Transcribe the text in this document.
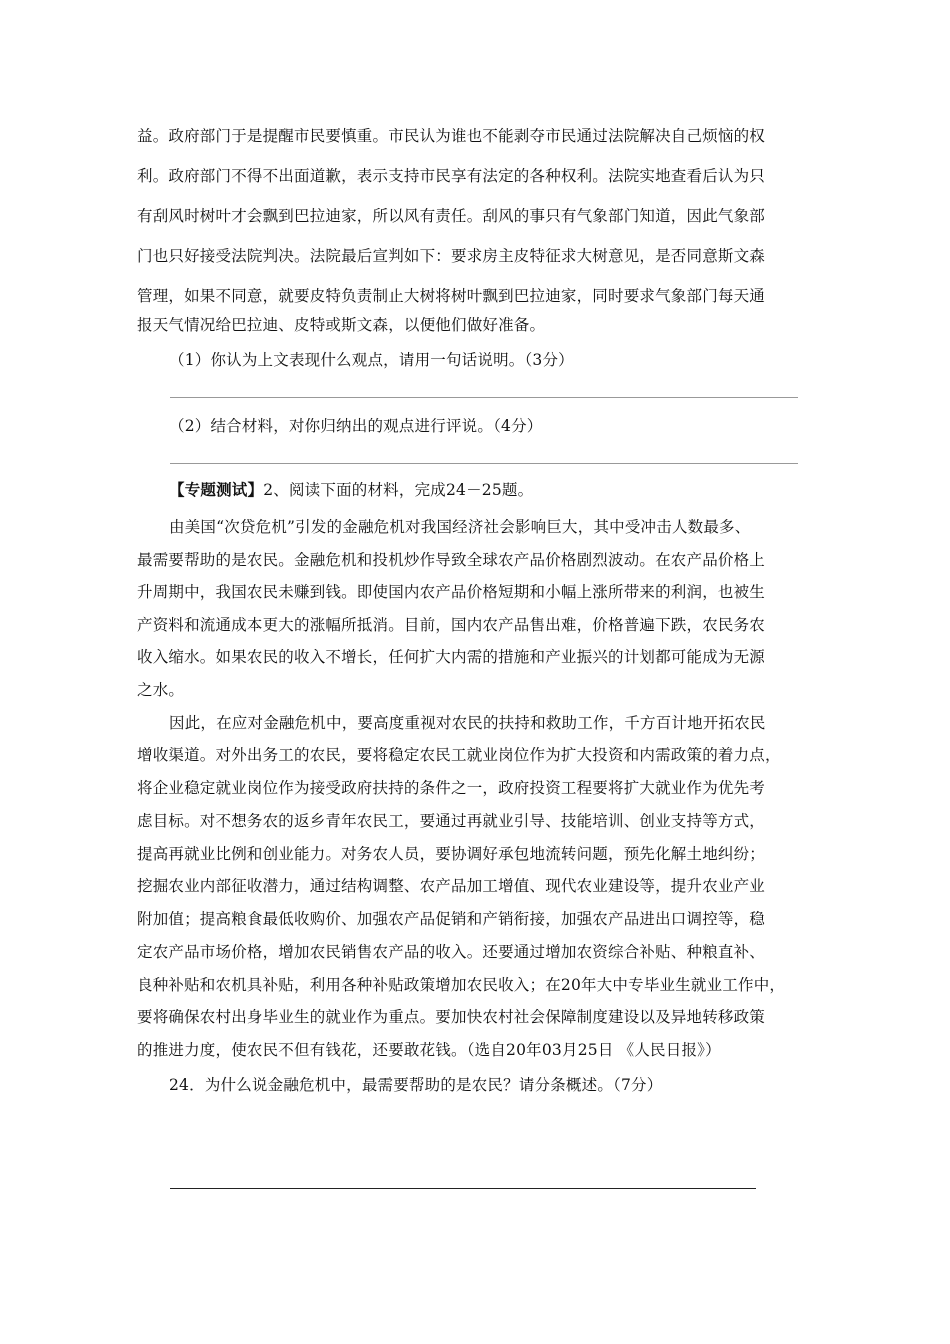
益。政府部门于是提醒市民要慎重。市民认为谁也不能剥夺市民通过法院解决自己烦恼的权
利。政府部门不得不出面道歉，表示支持市民享有法定的各种权利。法院实地查看后认为只
有刮风时树叶才会飘到巴拉迪家，所以风有责任。刮风的事只有气象部门知道，因此气象部
门也只好接受法院判决。法院最后宣判如下：要求房主皮特征求大树意见，是否同意斯文森
管理，如果不同意，就要皮特负责制止大树将树叶飘到巴拉迪家，同时要求气象部门每天通
报天气情况给巴拉迪、皮特或斯文森，以便他们做好准备。
（1）你认为上文表现什么观点，请用一句话说明。（3分）
（2）结合材料，对你归纳出的观点进行评说。（4分）
【专题测试】2、阅读下面的材料，完成24－25题。
由美国“次贷危机”引发的金融危机对我国经济社会影响巨大，其中受冲击人数最多、
最需要帮助的是农民。金融危机和投机炒作导致全球农产品价格剧烈波动。在农产品价格上
升周期中，我国农民未赚到钱。即使国内农产品价格短期和小幅上涨所带来的利润，也被生
产资料和流通成本更大的涨幅所抵消。目前，国内农产品售出难，价格普遍下跌，农民务农
收入缩水。如果农民的收入不增长，任何扩大内需的措施和产业振兴的计划都可能成为无源
之水。
因此，在应对金融危机中，要高度重视对农民的扶持和救助工作，千方百计地开拓农民
增收渠道。对外出务工的农民，要将稳定农民工就业岗位作为扩大投资和内需政策的着力点，
将企业稳定就业岗位作为接受政府扶持的条件之一，政府投资工程要将扩大就业作为优先考
虑目标。对不想务农的返乡青年农民工，要通过再就业引导、技能培训、创业支持等方式，
提高再就业比例和创业能力。对务农人员，要协调好承包地流转问题，预先化解土地纠纷；
挖掘农业内部征收潜力，通过结构调整、农产品加工增值、现代农业建设等，提升农业产业
附加值；提高粮食最低收购价、加强农产品促销和产销衔接，加强农产品进出口调控等，稳
定农产品市场价格，增加农民销售农产品的收入。还要通过增加农资综合补贴、种粮直补、
良种补贴和农机具补贴，利用各种补贴政策增加农民收入；在20年大中专毕业生就业工作中，
要将确保农村出身毕业生的就业作为重点。要加快农村社会保障制度建设以及异地转移政策
的推进力度，使农民不但有钱花，还要敢花钱。（选自20年03月25日 《人民日报》）
24．为什么说金融危机中，最需要帮助的是农民？请分条概述。（7分）
